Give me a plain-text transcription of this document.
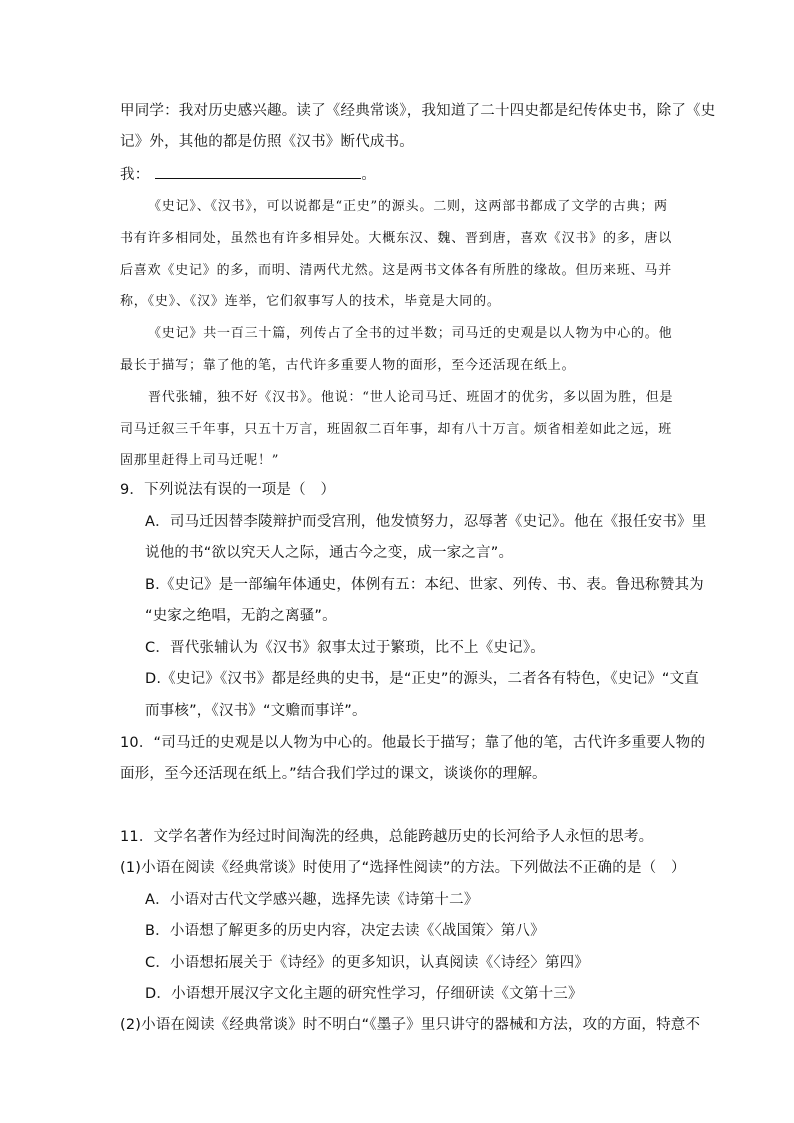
甲同学：我对历史感兴趣。读了《经典常谈》，我知道了二十四史都是纪传体史书，除了《史
记》外，其他的都是仿照《汉书》断代成书。
我：	。
《史记》、《汉书》，可以说都是“正史”的源头。二则，这两部书都成了文学的古典；两
书有许多相同处，虽然也有许多相异处。大概东汉、魏、晋到唐，喜欢《汉书》的多，唐以
后喜欢《史记》的多，而明、清两代尤然。这是两书文体各有所胜的缘故。但历来班、马并
称，《史》、《汉》连举，它们叙事写人的技术，毕竟是大同的。
《史记》共一百三十篇，列传占了全书的过半数；司马迁的史观是以人物为中心的。他
最长于描写；靠了他的笔，古代许多重要人物的面形，至今还活现在纸上。
晋代张辅，独不好《汉书》。他说：“世人论司马迁、班固才的优劣，多以固为胜，但是
司马迁叙三千年事，只五十万言，班固叙二百年事，却有八十万言。烦省相差如此之远，班
固那里赶得上司马迁呢！”
9．下列说法有误的一项是（　）
A．司马迁因替李陵辩护而受宫刑，他发愤努力，忍辱著《史记》。他在《报任安书》里
说他的书“欲以究天人之际，通古今之变，成一家之言”。
B.《史记》是一部编年体通史，体例有五：本纪、世家、列传、书、表。鲁迅称赞其为
“史家之绝唱，无韵之离骚”。
C．晋代张辅认为《汉书》叙事太过于繁琐，比不上《史记》。
D.《史记》《汉书》都是经典的史书，是“正史”的源头，二者各有特色，《史记》“文直
而事核”，《汉书》“文赡而事详”。
10．“司马迁的史观是以人物为中心的。他最长于描写；靠了他的笔，古代许多重要人物的
面形，至今还活现在纸上。”结合我们学过的课文，谈谈你的理解。
11．文学名著作为经过时间淘洗的经典，总能跨越历史的长河给予人永恒的思考。
(1)小语在阅读《经典常谈》时使用了“选择性阅读”的方法。下列做法不正确的是（　）
A．小语对古代文学感兴趣，选择先读《诗第十二》
B．小语想了解更多的历史内容，决定去读《〈战国策〉第八》
C．小语想拓展关于《诗经》的更多知识，认真阅读《〈诗经〉第四》
D．小语想开展汉字文化主题的研究性学习，仔细研读《文第十三》
(2)小语在阅读《经典常谈》时不明白“《墨子》里只讲守的器械和方法，攻的方面，特意不
